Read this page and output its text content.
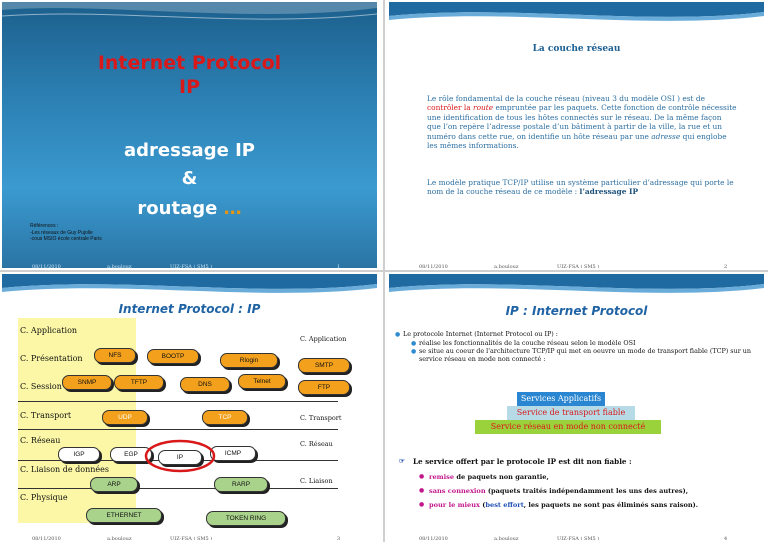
Internet Protocol
IP
adressage IP
&
routage …
Références :
-Les réseaux de Guy Pujolle
-cous MSIO école centrale Paris
08/11/2010	a.boulouz	UIZ-FSA ( SM5 )	1
La couche réseau
Le rôle fondamental de la couche réseau (niveau 3 du modèle OSI ) est de contrôler la route empruntée par les paquets. Cette fonction de contrôle nécessite une identification de tous les hôtes connectés sur le réseau. De la même façon que l’on repère l’adresse postale d’un bâtiment à partir de la ville, la rue et un numéro dans cette rue, on identifie un hôte réseau par une adresse qui englobe les mêmes informations.
Le modèle pratique TCP/IP utilise un système particulier d’adressage qui porte le nom de la couche réseau de ce modèle : l’adressage IP
08/11/2010	a.boulouz	UIZ-FSA ( SM5 )	2
Internet Protocol : IP
C. Application
C. Présentation
C. Session
C. Transport
C. Réseau
C. Liaison de données
C. Physique
C. Application
C. Transport
C. Réseau
C. Liaison
NFS	BOOTP
Rlogin
SMTP
SNMP	TFTP	DNS	Telnet
FTP
UDP	TCP
IGP	EGP	IP
ICMP
ARP	RARP
ETHERNET	TOKEN RING
08/11/2010	a.boulouz	UIZ-FSA ( SM5 )	3
IP : Internet Protocol
● Le protocole Internet (Internet Protocol ou IP) :
● réalise les fonctionnalités de la couche réseau selon le modèle OSI
● se situe au coeur de l'architecture TCP/IP qui met en oeuvre un mode de transport fiable (TCP) sur un service réseau en mode non connecté :
Services Applicatifs
Service de transport fiable
Service réseau en mode non connecté
☞ Le service offert par le protocole IP est dit non fiable :
● remise de paquets non garantie,
● sans connexion (paquets traités indépendamment les uns des autres),
● pour le mieux (best effort, les paquets ne sont pas éliminés sans raison).
08/11/2010	a.boulouz	UIZ-FSA ( SM5 )	4
